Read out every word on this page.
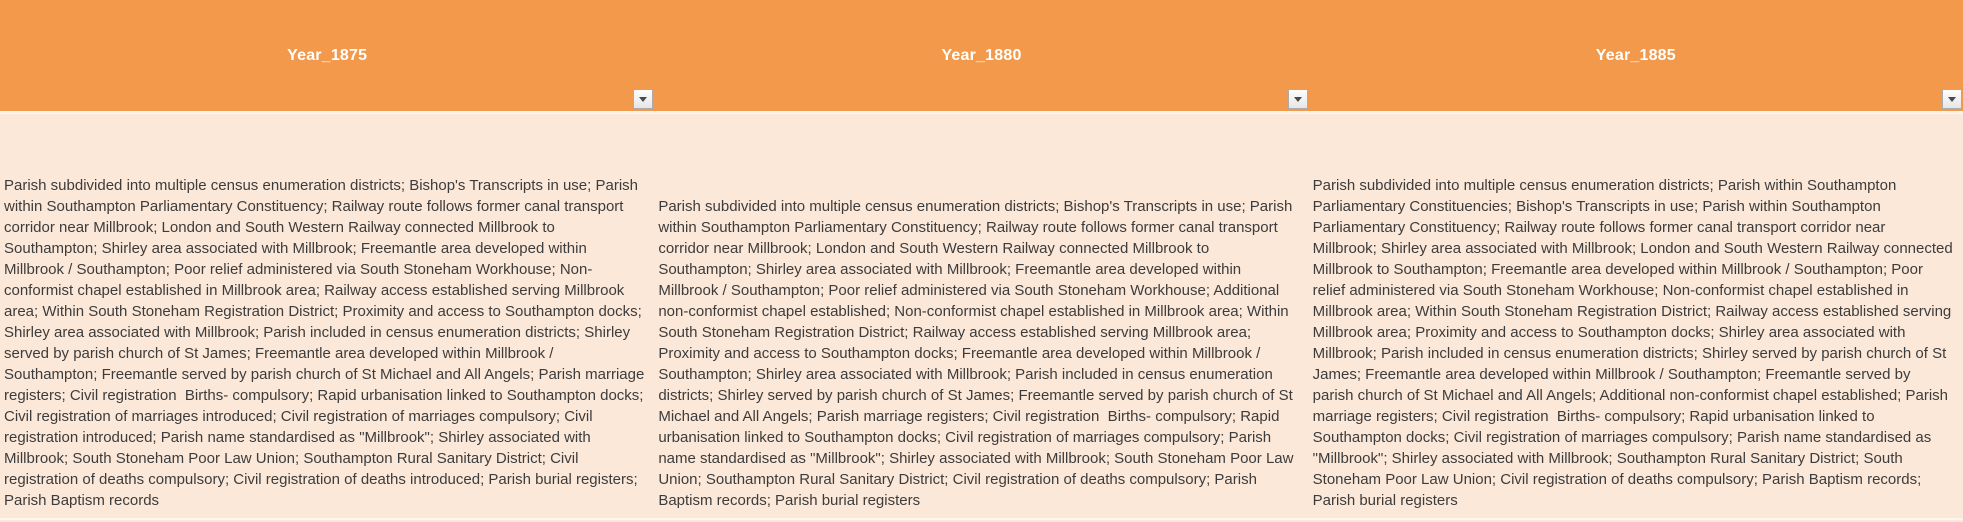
Year_1875	Year_1880	Year_1885
Parish subdivided into multiple census enumeration districts; Bishop's Transcripts in use; Parish within Southampton Parliamentary Constituency; Railway route follows former canal transport corridor near Millbrook; London and South Western Railway connected Millbrook to Southampton; Shirley area associated with Millbrook; Freemantle area developed within Millbrook / Southampton; Poor relief administered via South Stoneham Workhouse; Non-conformist chapel established in Millbrook area; Railway access established serving Millbrook area; Within South Stoneham Registration District; Proximity and access to Southampton docks; Shirley area associated with Millbrook; Parish included in census enumeration districts; Shirley served by parish church of St James; Freemantle area developed within Millbrook / Southampton; Freemantle served by parish church of St Michael and All Angels; Parish marriage registers; Civil registration  Births- compulsory; Rapid urbanisation linked to Southampton docks; Civil registration of marriages introduced; Civil registration of marriages compulsory; Civil registration introduced; Parish name standardised as "Millbrook"; Shirley associated with Millbrook; South Stoneham Poor Law Union; Southampton Rural Sanitary District; Civil registration of deaths compulsory; Civil registration of deaths introduced; Parish burial registers; Parish Baptism records
Parish subdivided into multiple census enumeration districts; Bishop's Transcripts in use; Parish within Southampton Parliamentary Constituency; Railway route follows former canal transport corridor near Millbrook; London and South Western Railway connected Millbrook to Southampton; Shirley area associated with Millbrook; Freemantle area developed within Millbrook / Southampton; Poor relief administered via South Stoneham Workhouse; Additional non-conformist chapel established; Non-conformist chapel established in Millbrook area; Within South Stoneham Registration District; Railway access established serving Millbrook area; Proximity and access to Southampton docks; Freemantle area developed within Millbrook / Southampton; Shirley area associated with Millbrook; Parish included in census enumeration districts; Shirley served by parish church of St James; Freemantle served by parish church of St Michael and All Angels; Parish marriage registers; Civil registration  Births- compulsory; Rapid urbanisation linked to Southampton docks; Civil registration of marriages compulsory; Parish name standardised as "Millbrook"; Shirley associated with Millbrook; South Stoneham Poor Law Union; Southampton Rural Sanitary District; Civil registration of deaths compulsory; Parish Baptism records; Parish burial registers
Parish subdivided into multiple census enumeration districts; Parish within Southampton Parliamentary Constituencies; Bishop's Transcripts in use; Parish within Southampton Parliamentary Constituency; Railway route follows former canal transport corridor near Millbrook; Shirley area associated with Millbrook; London and South Western Railway connected Millbrook to Southampton; Freemantle area developed within Millbrook / Southampton; Poor relief administered via South Stoneham Workhouse; Non-conformist chapel established in Millbrook area; Within South Stoneham Registration District; Railway access established serving Millbrook area; Proximity and access to Southampton docks; Shirley area associated with Millbrook; Parish included in census enumeration districts; Shirley served by parish church of St James; Freemantle area developed within Millbrook / Southampton; Freemantle served by parish church of St Michael and All Angels; Additional non-conformist chapel established; Parish marriage registers; Civil registration  Births- compulsory; Rapid urbanisation linked to Southampton docks; Civil registration of marriages compulsory; Parish name standardised as "Millbrook"; Shirley associated with Millbrook; Southampton Rural Sanitary District; South Stoneham Poor Law Union; Civil registration of deaths compulsory; Parish Baptism records; Parish burial registers
